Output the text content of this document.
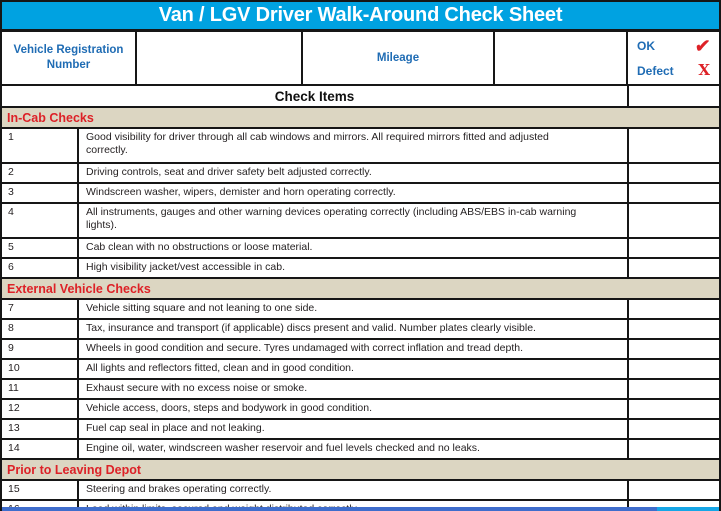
Van / LGV Driver Walk-Around Check Sheet
Vehicle Registration Number
Mileage
OK ✔
Defect X
Check Items
In-Cab Checks
1	Good visibility for driver through all cab windows and mirrors. All required mirrors fitted and adjusted
correctly.
2	Driving controls, seat and driver safety belt adjusted correctly.
3	Windscreen washer, wipers, demister and horn operating correctly.
4	All instruments, gauges and other warning devices operating correctly (including ABS/EBS in-cab warning
lights).
5	Cab clean with no obstructions or loose material.
6	High visibility jacket/vest accessible in cab.
External Vehicle Checks
7	Vehicle sitting square and not leaning to one side.
8	Tax, insurance and transport (if applicable) discs present and valid. Number plates clearly visible.
9	Wheels in good condition and secure. Tyres undamaged with correct inflation and tread depth.
10	All lights and reflectors fitted, clean and in good condition.
11	Exhaust secure with no excess noise or smoke.
12	Vehicle access, doors, steps and bodywork in good condition.
13	Fuel cap seal in place and not leaking.
14	Engine oil, water, windscreen washer reservoir and fuel levels checked and no leaks.
Prior to Leaving Depot
15	Steering and brakes operating correctly.
